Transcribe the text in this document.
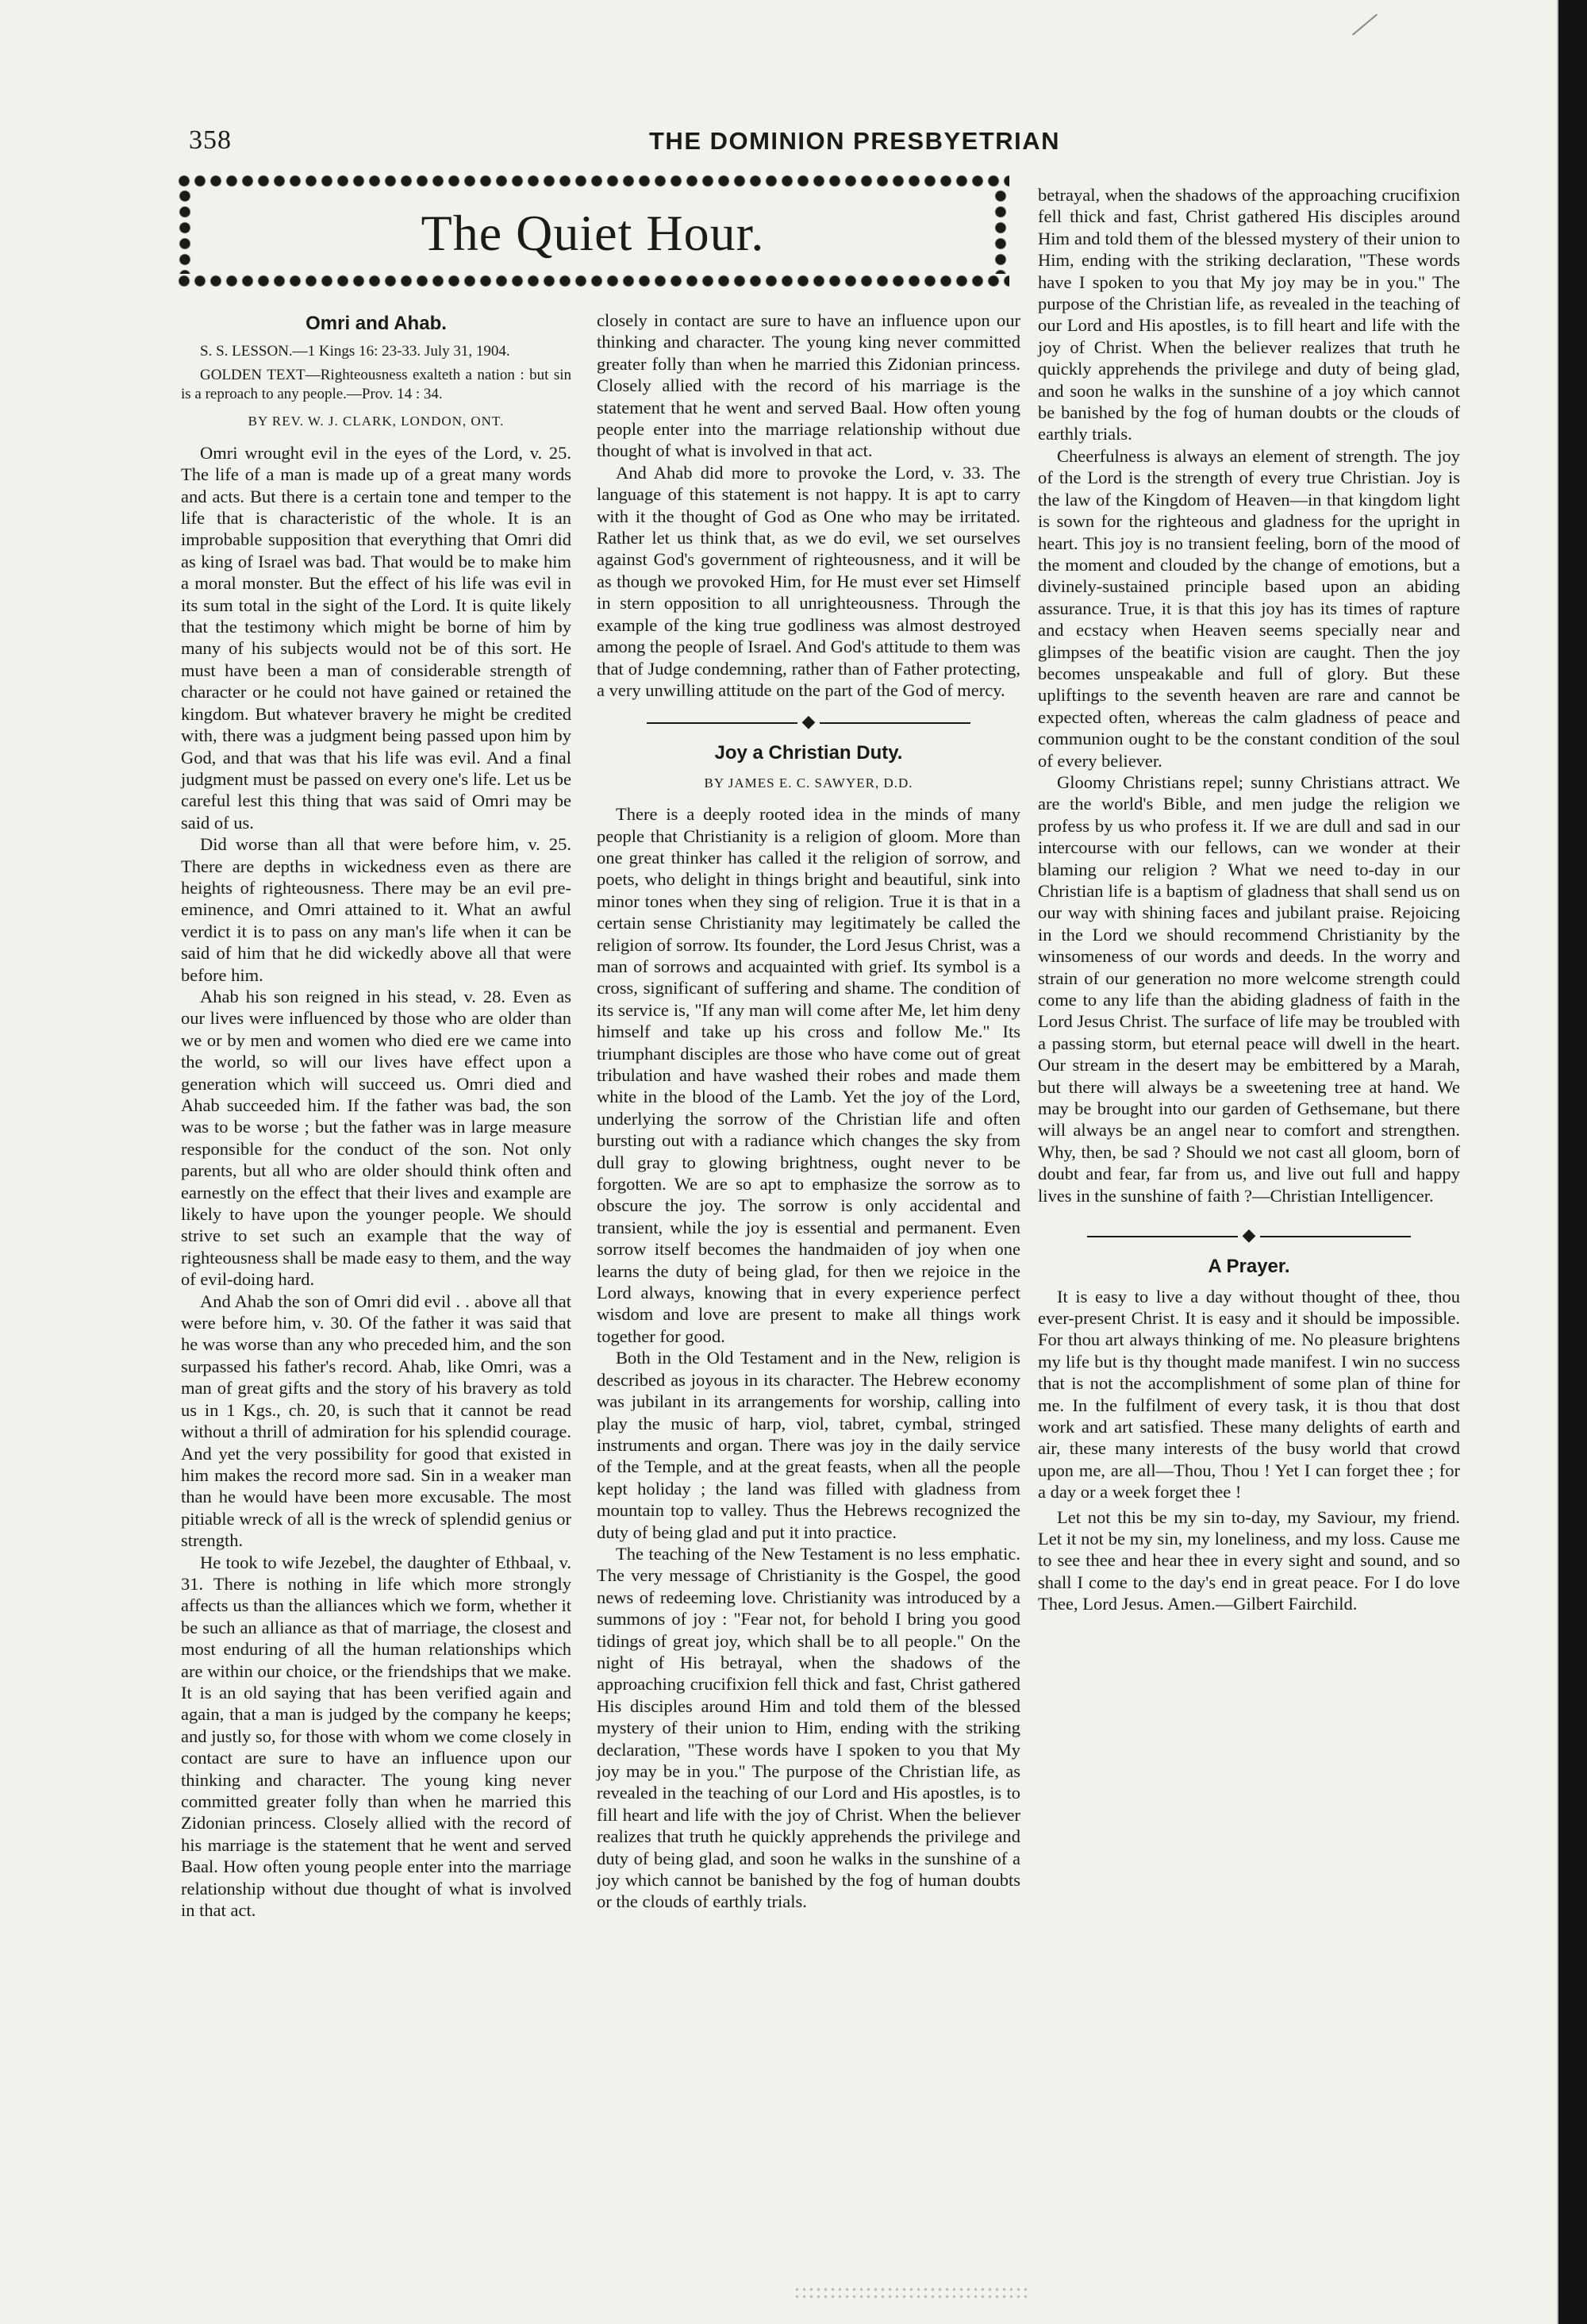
358	THE DOMINION PRESBYETRIAN
The Quiet Hour.
Omri and Ahab.

S. S. LESSON.—1 Kings 16: 23-33. July 31, 1904.

GOLDEN TEXT—Righteousness exalteth a nation : but sin is a reproach to any people.—Prov. 14 : 34.

BY REV. W. J. CLARK, LONDON, ONT.

Omri wrought evil in the eyes of the Lord, v. 25. The life of a man is made up of a great many words and acts. But there is a certain tone and temper to the life that is characteristic of the whole. It is an improbable supposition that everything that Omri did as king of Israel was bad. That would be to make him a moral monster. But the effect of his life was evil in its sum total in the sight of the Lord. It is quite likely that the testimony which might be borne of him by many of his subjects would not be of this sort. He must have been a man of considerable strength of character or he could not have gained or retained the kingdom. But whatever bravery he might be credited with, there was a judgment being passed upon him by God, and that was that his life was evil. And a final judgment must be passed on every one's life. Let us be careful lest this thing that was said of Omri may be said of us.

Did worse than all that were before him, v. 25. There are depths in wickedness even as there are heights of righteousness. There may be an evil pre-eminence, and Omri attained to it. What an awful verdict it is to pass on any man's life when it can be said of him that he did wickedly above all that were before him.

Ahab his son reigned in his stead, v. 28. Even as our lives were influenced by those who are older than we or by men and women who died ere we came into the world, so will our lives have effect upon a generation which will succeed us. Omri died and Ahab succeeded him. If the father was bad, the son was to be worse ; but the father was in large measure responsible for the conduct of the son. Not only parents, but all who are older should think often and earnestly on the effect that their lives and example are likely to have upon the younger people. We should strive to set such an example that the way of righteousness shall be made easy to them, and the way of evil-doing hard.

And Ahab the son of Omri did evil . . above all that were before him, v. 30. Of the father it was said that he was worse than any who preceded him, and the son surpassed his father's record. Ahab, like Omri, was a man of great gifts and the story of his bravery as told us in 1 Kgs., ch. 20, is such that it cannot be read without a thrill of admiration for his splendid courage. And yet the very possibility for good that existed in him makes the record more sad. Sin in a weaker man than he would have been more excusable. The most pitiable wreck of all is the wreck of splendid genius or strength.

He took to wife Jezebel, the daughter of Ethbaal, v. 31. There is nothing in life which more strongly affects us than the alliances which we form, whether it be such an alliance as that of marriage, the closest and most enduring of all the human relationships which are within our choice, or the friendships that we make. It is an old saying that has been verified again and again, that a man is judged by the company he keeps; and justly so, for those with whom we come closely in contact are sure to have an influence upon our thinking and character. The young king never committed greater folly than when he married this Zidonian princess. Closely allied with the record of his marriage is the statement that he went and served Baal. How often young people enter into the marriage relationship without due thought of what is involved in that act.

closely in contact are sure to have an influence upon our thinking and character. The young king never committed greater folly than when he married this Zidonian princess. Closely allied with the record of his marriage is the statement that he went and served Baal. How often young people enter into the marriage relationship without due thought of what is involved in that act.

And Ahab did more to provoke the Lord, v. 33. The language of this statement is not happy. It is apt to carry with it the thought of God as One who may be irritated. Rather let us think that, as we do evil, we set ourselves against God's government of righteousness, and it will be as though we provoked Him, for He must ever set Himself in stern opposition to all unrighteousness. Through the example of the king true godliness was almost destroyed among the people of Israel. And God's attitude to them was that of Judge condemning, rather than of Father protecting, a very unwilling attitude on the part of the God of mercy.

◆
Joy a Christian Duty.

BY JAMES E. C. SAWYER, D.D.

There is a deeply rooted idea in the minds of many people that Christianity is a religion of gloom. More than one great thinker has called it the religion of sorrow, and poets, who delight in things bright and beautiful, sink into minor tones when they sing of religion. True it is that in a certain sense Christianity may legitimately be called the religion of sorrow. Its founder, the Lord Jesus Christ, was a man of sorrows and acquainted with grief. Its symbol is a cross, significant of suffering and shame. The condition of its service is, "If any man will come after Me, let him deny himself and take up his cross and follow Me." Its triumphant disciples are those who have come out of great tribulation and have washed their robes and made them white in the blood of the Lamb. Yet the joy of the Lord, underlying the sorrow of the Christian life and often bursting out with a radiance which changes the sky from dull gray to glowing brightness, ought never to be forgotten. We are so apt to emphasize the sorrow as to obscure the joy. The sorrow is only accidental and transient, while the joy is essential and permanent. Even sorrow itself becomes the handmaiden of joy when one learns the duty of being glad, for then we rejoice in the Lord always, knowing that in every experience perfect wisdom and love are present to make all things work together for good.

Both in the Old Testament and in the New, religion is described as joyous in its character. The Hebrew economy was jubilant in its arrangements for worship, calling into play the music of harp, viol, tabret, cymbal, stringed instruments and organ. There was joy in the daily service of the Temple, and at the great feasts, when all the people kept holiday ; the land was filled with gladness from mountain top to valley. Thus the Hebrews recognized the duty of being glad and put it into practice.

The teaching of the New Testament is no less emphatic. The very message of Christianity is the Gospel, the good news of redeeming love. Christianity was introduced by a summons of joy : "Fear not, for behold I bring you good tidings of great joy, which shall be to all people." On the night of His betrayal, when the shadows of the approaching crucifixion fell thick and fast, Christ gathered His disciples around Him and told them of the blessed mystery of their union to Him, ending with the striking declaration, "These words have I spoken to you that My joy may be in you." The purpose of the Christian life, as revealed in the teaching of our Lord and His apostles, is to fill heart and life with the joy of Christ. When the believer realizes that truth he quickly apprehends the privilege and duty of being glad, and soon he walks in the sunshine of a joy which cannot be banished by the fog of human doubts or the clouds of earthly trials.

betrayal, when the shadows of the approaching crucifixion fell thick and fast, Christ gathered His disciples around Him and told them of the blessed mystery of their union to Him, ending with the striking declaration, "These words have I spoken to you that My joy may be in you." The purpose of the Christian life, as revealed in the teaching of our Lord and His apostles, is to fill heart and life with the joy of Christ. When the believer realizes that truth he quickly apprehends the privilege and duty of being glad, and soon he walks in the sunshine of a joy which cannot be banished by the fog of human doubts or the clouds of earthly trials.

Cheerfulness is always an element of strength. The joy of the Lord is the strength of every true Christian. Joy is the law of the Kingdom of Heaven—in that kingdom light is sown for the righteous and gladness for the upright in heart. This joy is no transient feeling, born of the mood of the moment and clouded by the change of emotions, but a divinely-sustained principle based upon an abiding assurance. True, it is that this joy has its times of rapture and ecstacy when Heaven seems specially near and glimpses of the beatific vision are caught. Then the joy becomes unspeakable and full of glory. But these upliftings to the seventh heaven are rare and cannot be expected often, whereas the calm gladness of peace and communion ought to be the constant condition of the soul of every believer.

Gloomy Christians repel; sunny Christians attract. We are the world's Bible, and men judge the religion we profess by us who profess it. If we are dull and sad in our intercourse with our fellows, can we wonder at their blaming our religion ? What we need to-day in our Christian life is a baptism of gladness that shall send us on our way with shining faces and jubilant praise. Rejoicing in the Lord we should recommend Christianity by the winsomeness of our words and deeds. In the worry and strain of our generation no more welcome strength could come to any life than the abiding gladness of faith in the Lord Jesus Christ. The surface of life may be troubled with a passing storm, but eternal peace will dwell in the heart. Our stream in the desert may be embittered by a Marah, but there will always be a sweetening tree at hand. We may be brought into our garden of Gethsemane, but there will always be an angel near to comfort and strengthen. Why, then, be sad ? Should we not cast all gloom, born of doubt and fear, far from us, and live out full and happy lives in the sunshine of faith ?—Christian Intelligencer.

◆
A Prayer.

It is easy to live a day without thought of thee, thou ever-present Christ. It is easy and it should be impossible. For thou art always thinking of me. No pleasure brightens my life but is thy thought made manifest. I win no success that is not the accomplishment of some plan of thine for me. In the fulfilment of every task, it is thou that dost work and art satisfied. These many delights of earth and air, these many interests of the busy world that crowd upon me, are all—Thou, Thou ! Yet I can forget thee ; for a day or a week forget thee !

Let not this be my sin to-day, my Saviour, my friend. Let it not be my sin, my loneliness, and my loss. Cause me to see thee and hear thee in every sight and sound, and so shall I come to the day's end in great peace. For I do love Thee, Lord Jesus. Amen.—Gilbert Fairchild.
